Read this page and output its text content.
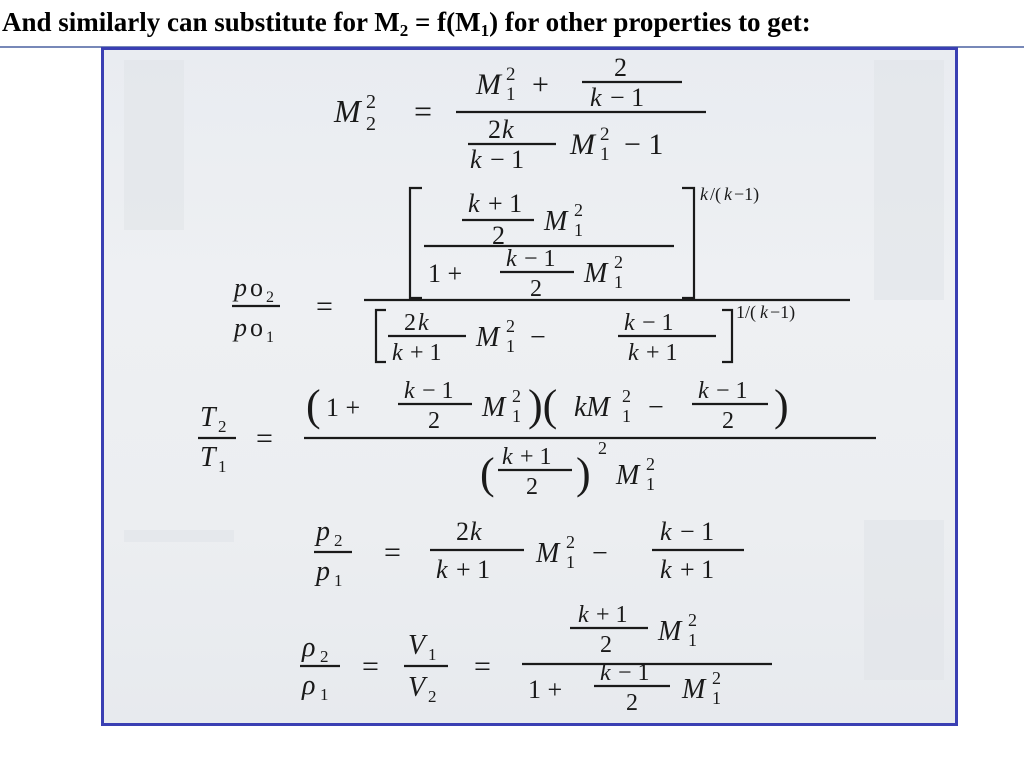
And similarly can substitute for $M_2 = f(M_1)$ for other properties to get:
M 2
2 =
M 2
1 +
2
k − 1
2 k
k − 1 M 2
1 − 1
p o 2
p o 1
=
k /( k −1)
k + 1
2 M 2
1
1 + k − 1
2 M 2
1
1/( k −1)
2 k
k + 1 M 2
1 −	k − 1
k + 1
T 2
T 1
=
( 1 +
k − 1
2 M 2
1 )( kM 2
1 −
k − 1
2 )
( k + 1
2 )
2
M 2
1
p 2
p 1
=
2 k
k + 1
M 2
1 −
k − 1
k + 1
ρ 2
ρ 1
=
V 1
V 2
=
k + 1
2 M 2
1
1 +
k − 1
2 M 2
1
